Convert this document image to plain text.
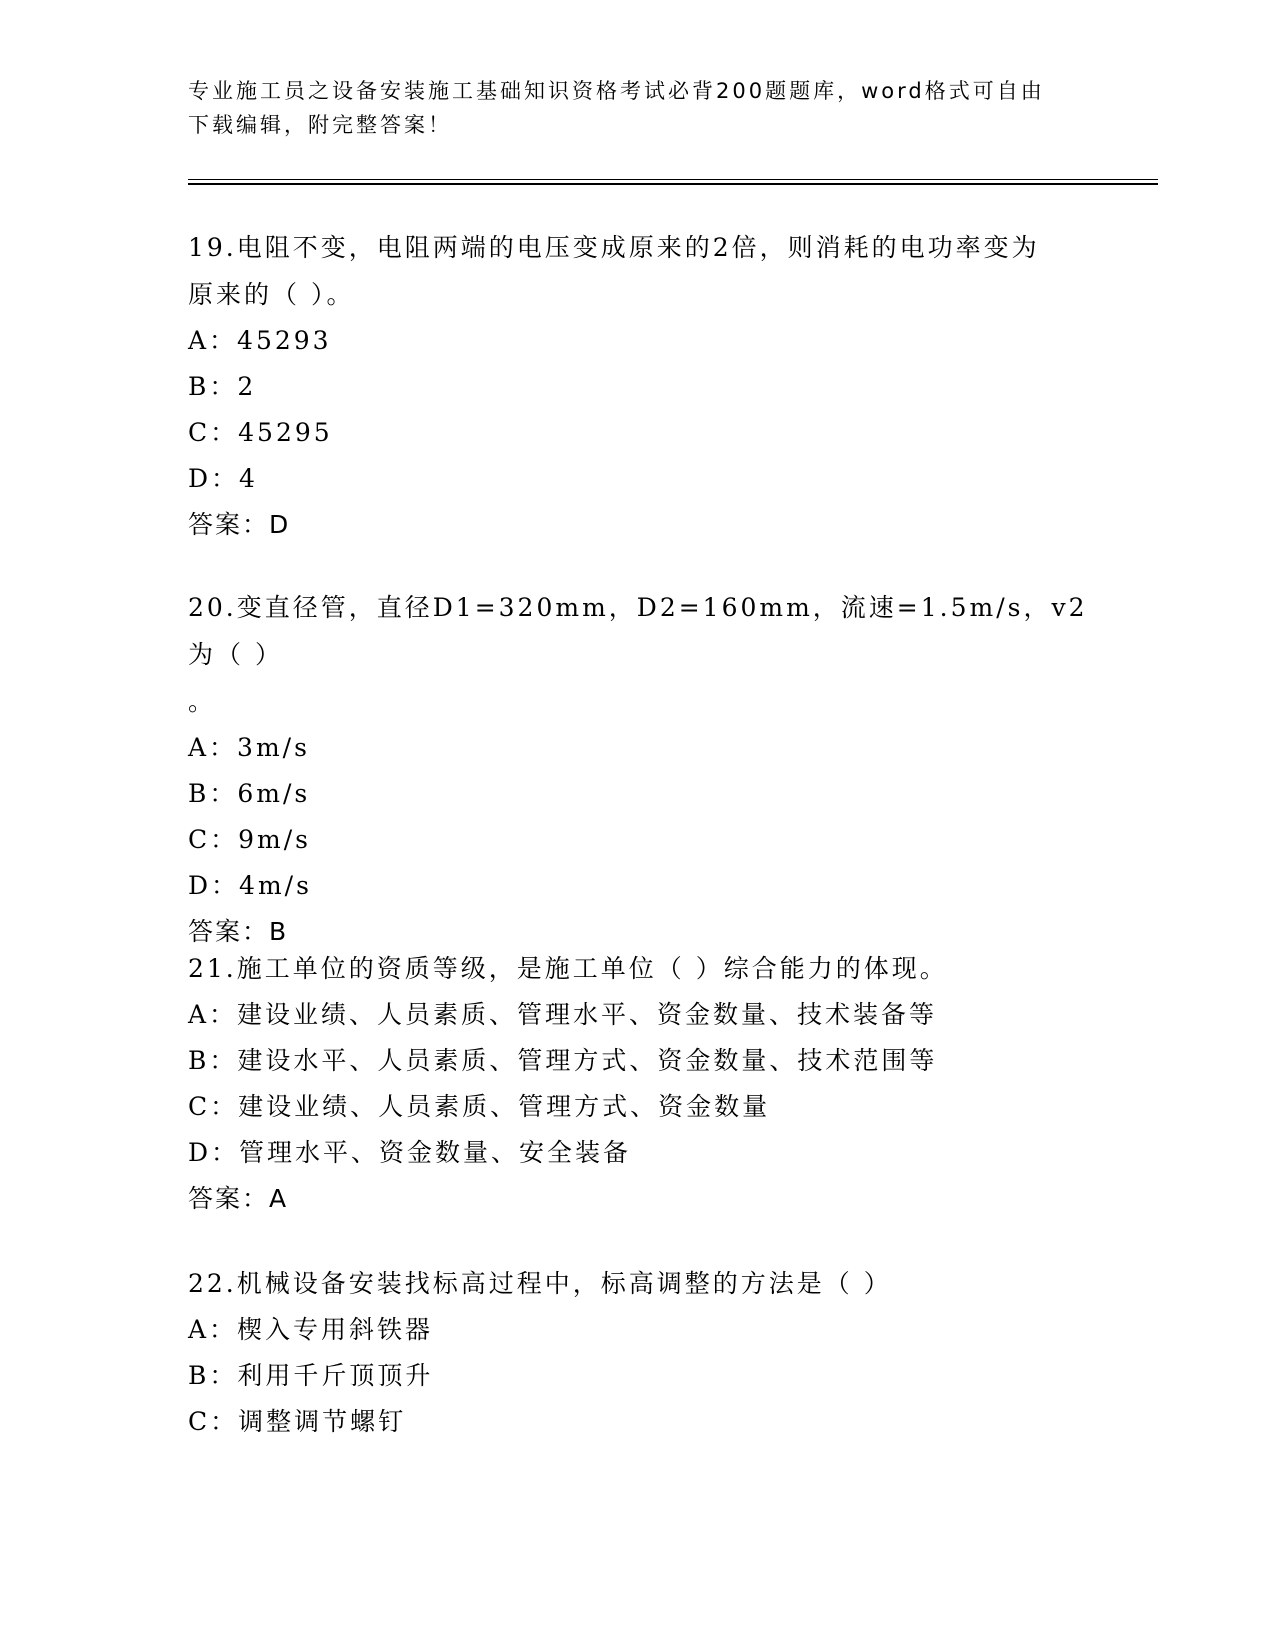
专业施工员之设备安装施工基础知识资格考试必背200题题库，word格式可自由
下载编辑，附完整答案！
19.电阻不变，电阻两端的电压变成原来的2倍，则消耗的电功率变为
原来的（ ）。
A：45293
B：2
C：45295
D：4
答案：D
20.变直径管，直径D1=320mm，D2=160mm，流速=1.5m/s，v2为（ ）
。
A：3m/s
B：6m/s
C：9m/s
D：4m/s
答案：B
21.施工单位的资质等级，是施工单位（ ）综合能力的体现。
A：建设业绩、人员素质、管理水平、资金数量、技术装备等
B：建设水平、人员素质、管理方式、资金数量、技术范围等
C：建设业绩、人员素质、管理方式、资金数量
D：管理水平、资金数量、安全装备
答案：A
22.机械设备安装找标高过程中，标高调整的方法是（ ）
A：楔入专用斜铁器
B：利用千斤顶顶升
C：调整调节螺钉
